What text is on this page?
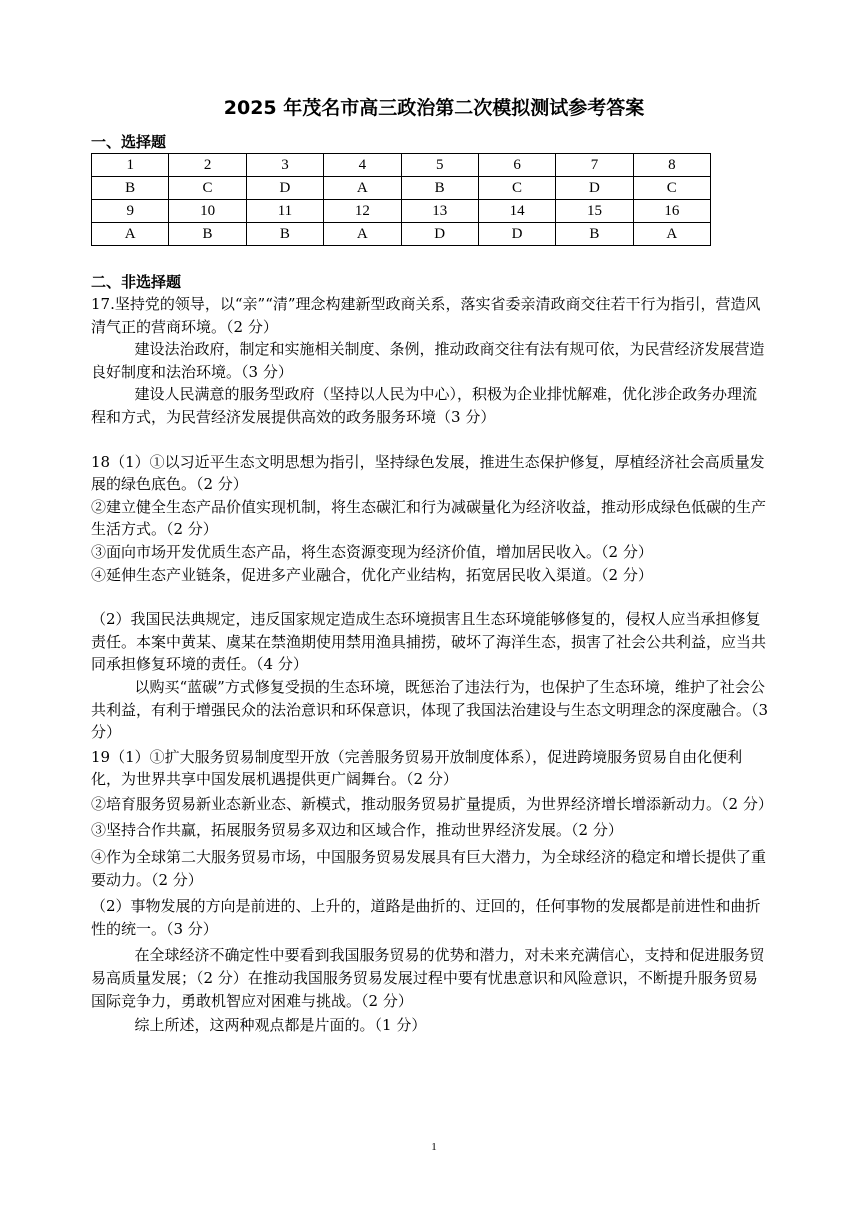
2025 年茂名市高三政治第二次模拟测试参考答案
一、选择题
1	2	3	4	5	6	7	8
B	C	D	A	B	C	D	C
9	10	11	12	13	14	15	16
A	B	B	A	D	D	B	A
二、非选择题

17.坚持党的领导，以“亲”“清”理念构建新型政商关系，落实省委亲清政商交往若干行为指引，营造风清气正的营商环境。（2 分）

建设法治政府，制定和实施相关制度、条例，推动政商交往有法有规可依，为民营经济发展营造良好制度和法治环境。（3 分）

建设人民满意的服务型政府（坚持以人民为中心），积极为企业排忧解难，优化涉企政务办理流程和方式，为民营经济发展提供高效的政务服务环境（3 分）

18（1）①以习近平生态文明思想为指引，坚持绿色发展，推进生态保护修复，厚植经济社会高质量发展的绿色底色。（2 分）

②建立健全生态产品价值实现机制，将生态碳汇和行为减碳量化为经济收益，推动形成绿色低碳的生产生活方式。（2 分）

③面向市场开发优质生态产品，将生态资源变现为经济价值，增加居民收入。（2 分）

④延伸生态产业链条，促进多产业融合，优化产业结构，拓宽居民收入渠道。（2 分）

（2）我国民法典规定，违反国家规定造成生态环境损害且生态环境能够修复的，侵权人应当承担修复责任。本案中黄某、虞某在禁渔期使用禁用渔具捕捞，破坏了海洋生态，损害了社会公共利益，应当共同承担修复环境的责任。（4 分）

以购买“蓝碳”方式修复受损的生态环境，既惩治了违法行为，也保护了生态环境，维护了社会公共利益，有利于增强民众的法治意识和环保意识，体现了我国法治建设与生态文明理念的深度融合。（3 分）

19（1）①扩大服务贸易制度型开放（完善服务贸易开放制度体系），促进跨境服务贸易自由化便利化，为世界共享中国发展机遇提供更广阔舞台。（2 分）

②培育服务贸易新业态新业态、新模式，推动服务贸易扩量提质，为世界经济增长增添新动力。（2 分）

③坚持合作共赢，拓展服务贸易多双边和区域合作，推动世界经济发展。（2 分）

④作为全球第二大服务贸易市场，中国服务贸易发展具有巨大潜力，为全球经济的稳定和增长提供了重要动力。（2 分）

（2）事物发展的方向是前进的、上升的，道路是曲折的、迂回的，任何事物的发展都是前进性和曲折性的统一。（3 分）

在全球经济不确定性中要看到我国服务贸易的优势和潜力，对未来充满信心，支持和促进服务贸易高质量发展；（2 分）在推动我国服务贸易发展过程中要有忧患意识和风险意识，不断提升服务贸易国际竞争力，勇敢机智应对困难与挑战。（2 分）

综上所述，这两种观点都是片面的。（1 分）

1
